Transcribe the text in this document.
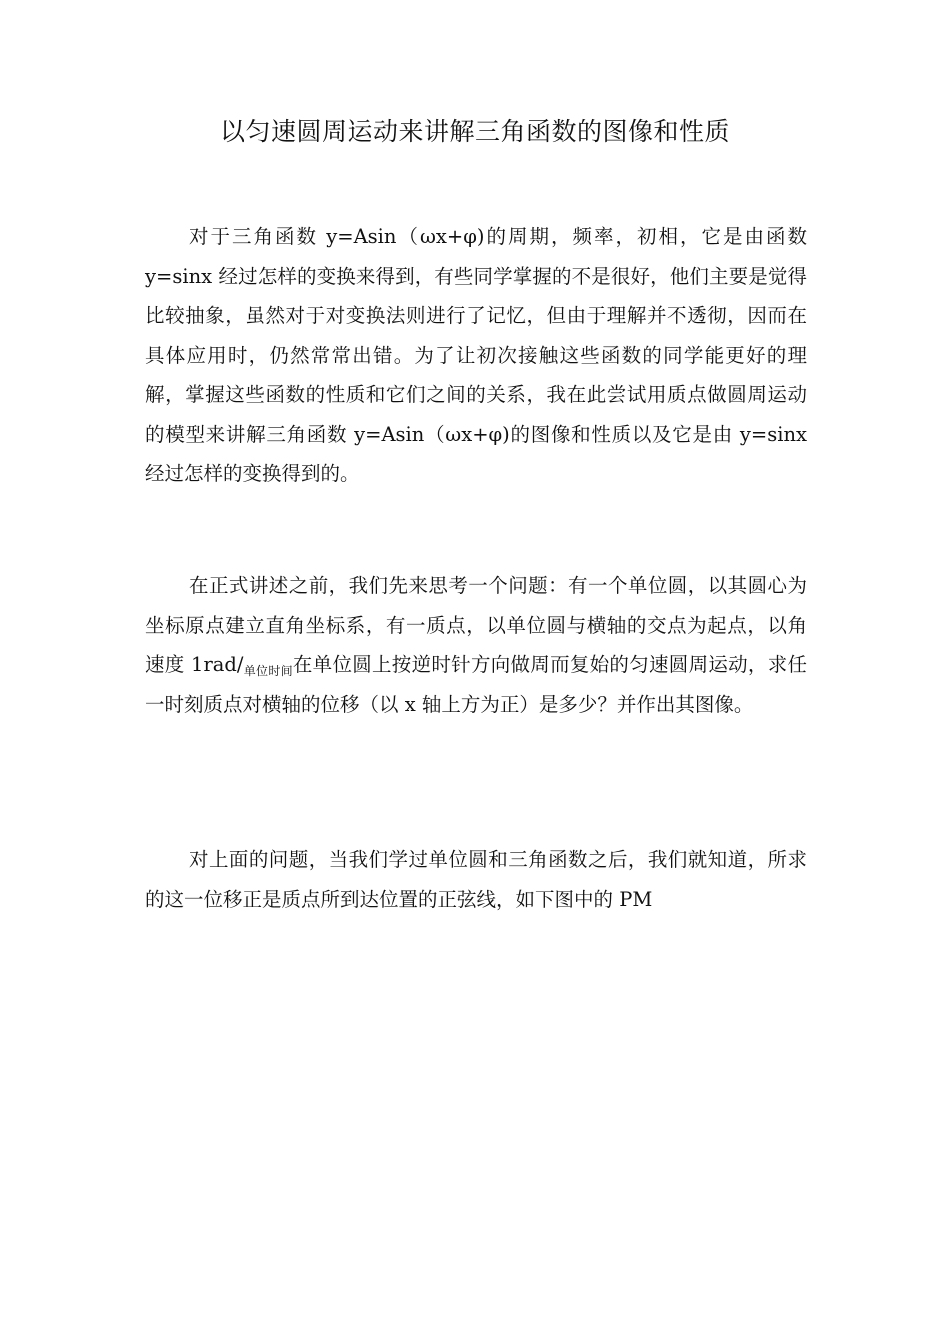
以匀速圆周运动来讲解三角函数的图像和性质

对于三角函数 y=Asin（ωx+φ)的周期，频率，初相，它是由函数 y=sinx 经过怎样的变换来得到，有些同学掌握的不是很好，他们主要是觉得比较抽象，虽然对于对变换法则进行了记忆，但由于理解并不透彻，因而在具体应用时，仍然常常出错。为了让初次接触这些函数的同学能更好的理解，掌握这些函数的性质和它们之间的关系，我在此尝试用质点做圆周运动的模型来讲解三角函数 y=Asin（ωx+φ)的图像和性质以及它是由 y=sinx 经过怎样的变换得到的。

在正式讲述之前，我们先来思考一个问题：有一个单位圆，以其圆心为坐标原点建立直角坐标系，有一质点，以单位圆与横轴的交点为起点，以角速度 $1rad/_{单位时间}$在单位圆上按逆时针方向做周而复始的匀速圆周运动，求任一时刻质点对横轴的位移（以 x 轴上方为正）是多少？并作出其图像。

对上面的问题，当我们学过单位圆和三角函数之后，我们就知道，所求的这一位移正是质点所到达位置的正弦线，如下图中的 PM
